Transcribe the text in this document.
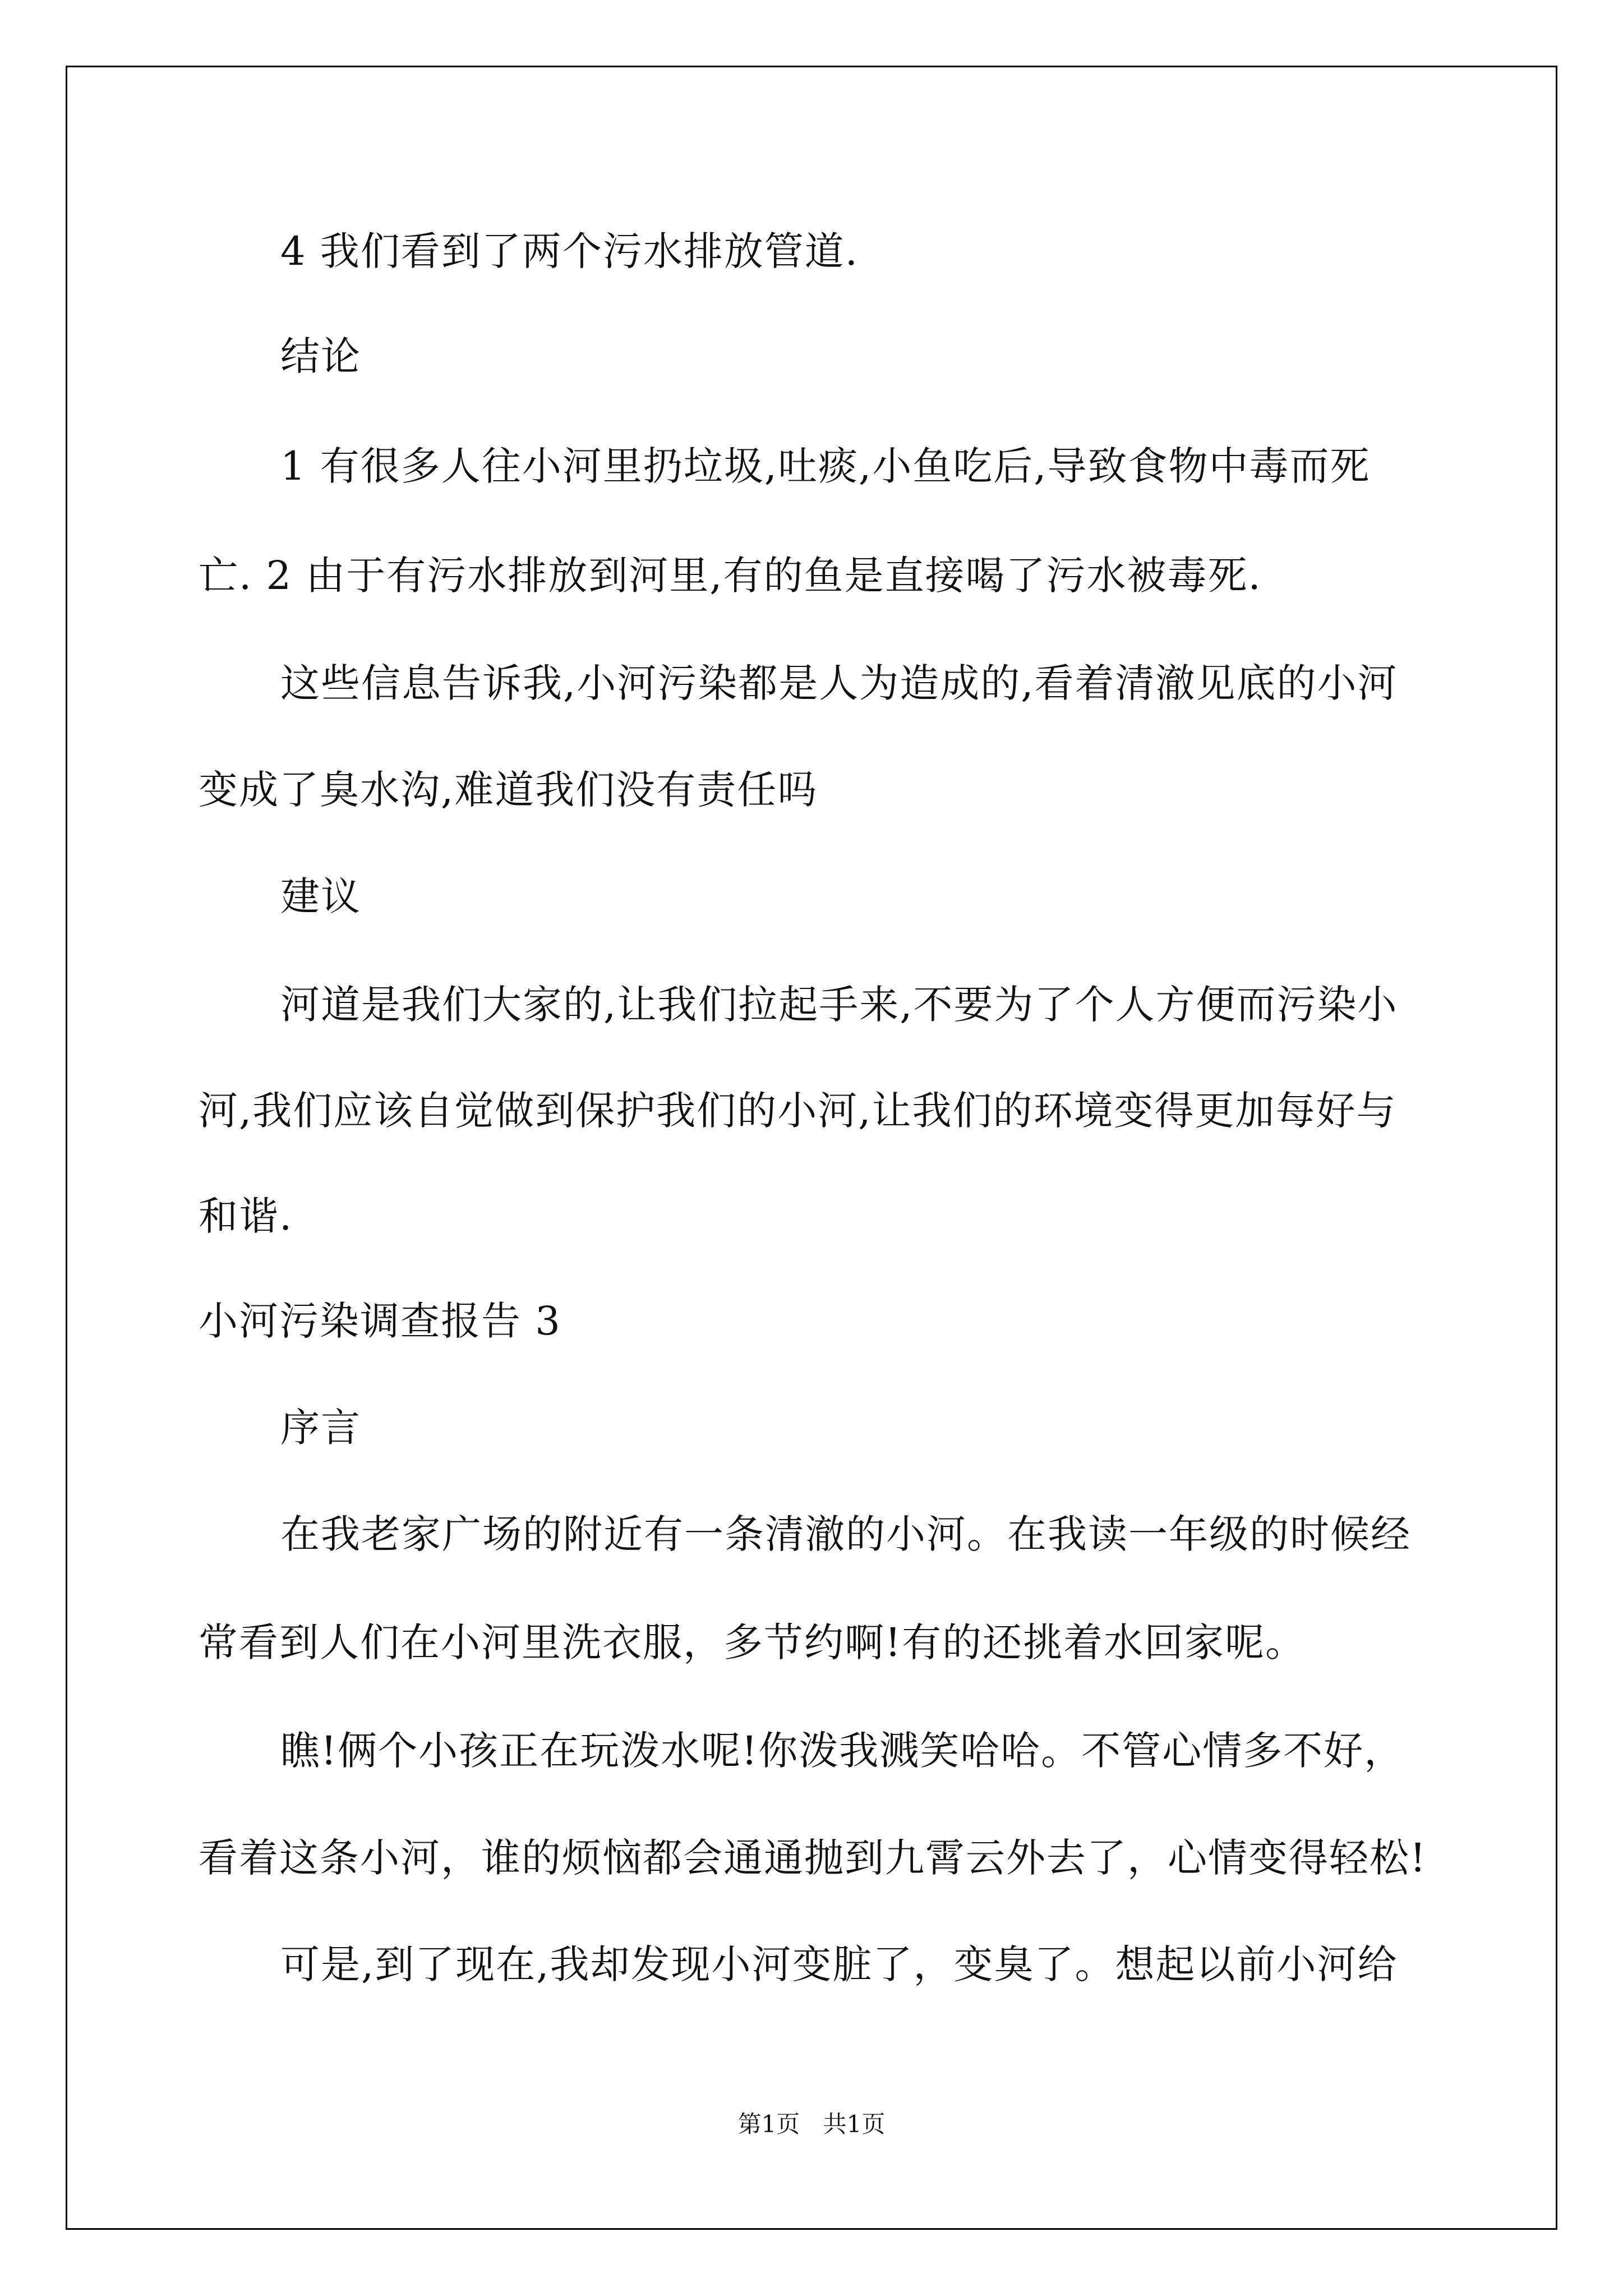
4 我们看到了两个污水排放管道.
结论
1 有很多人往小河里扔垃圾,吐痰,小鱼吃后,导致食物中毒而死
亡. 2 由于有污水排放到河里,有的鱼是直接喝了污水被毒死.
这些信息告诉我,小河污染都是人为造成的,看着清澈见底的小河
变成了臭水沟,难道我们没有责任吗
建议
河道是我们大家的,让我们拉起手来,不要为了个人方便而污染小
河,我们应该自觉做到保护我们的小河,让我们的环境变得更加每好与
和谐.
小河污染调查报告 3
序言
在我老家广场的附近有一条清澈的小河。在我读一年级的时候经
常看到人们在小河里洗衣服，多节约啊!有的还挑着水回家呢。
瞧!俩个小孩正在玩泼水呢!你泼我溅笑哈哈。不管心情多不好，
看着这条小河，谁的烦恼都会通通抛到九霄云外去了，心情变得轻松!
可是,到了现在,我却发现小河变脏了，变臭了。想起以前小河给
第1页 共1页
